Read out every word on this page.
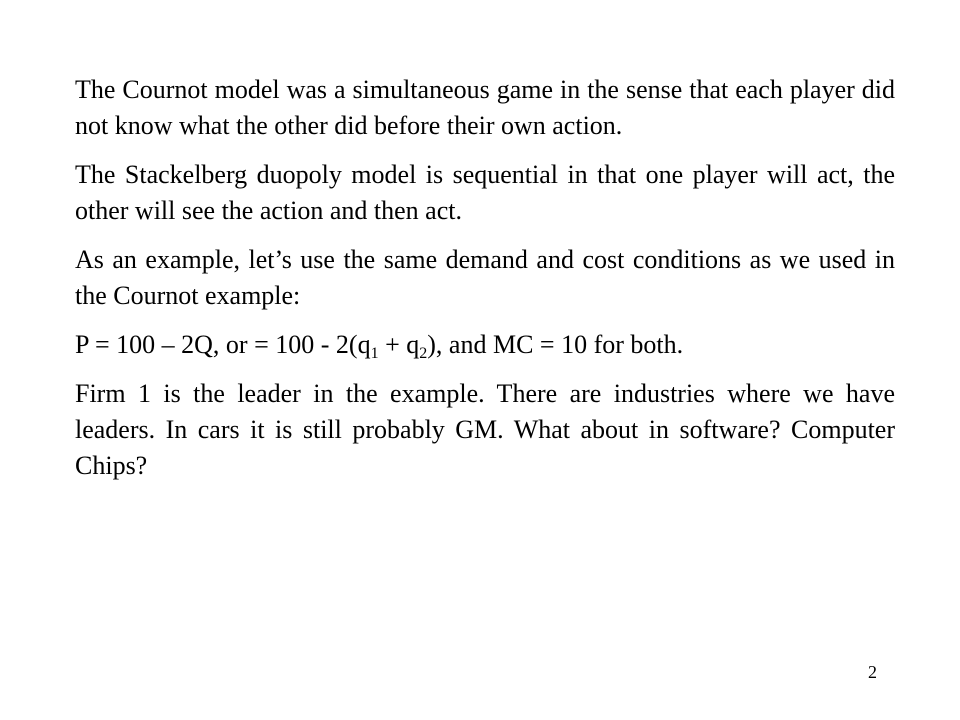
The Cournot model was a simultaneous game in the sense that each player did not know what the other did before their own action.

The Stackelberg duopoly model is sequential in that one player will act, the other will see the action and then act.

As an example, let’s use the same demand and cost conditions as we used in the Cournot example:

P = 100 – 2Q, or = $100 - 2(q_1 + q_2)$, and MC = 10 for both.

Firm 1 is the leader in the example. There are industries where we have leaders. In cars it is still probably GM. What about in software? Computer Chips?

2
